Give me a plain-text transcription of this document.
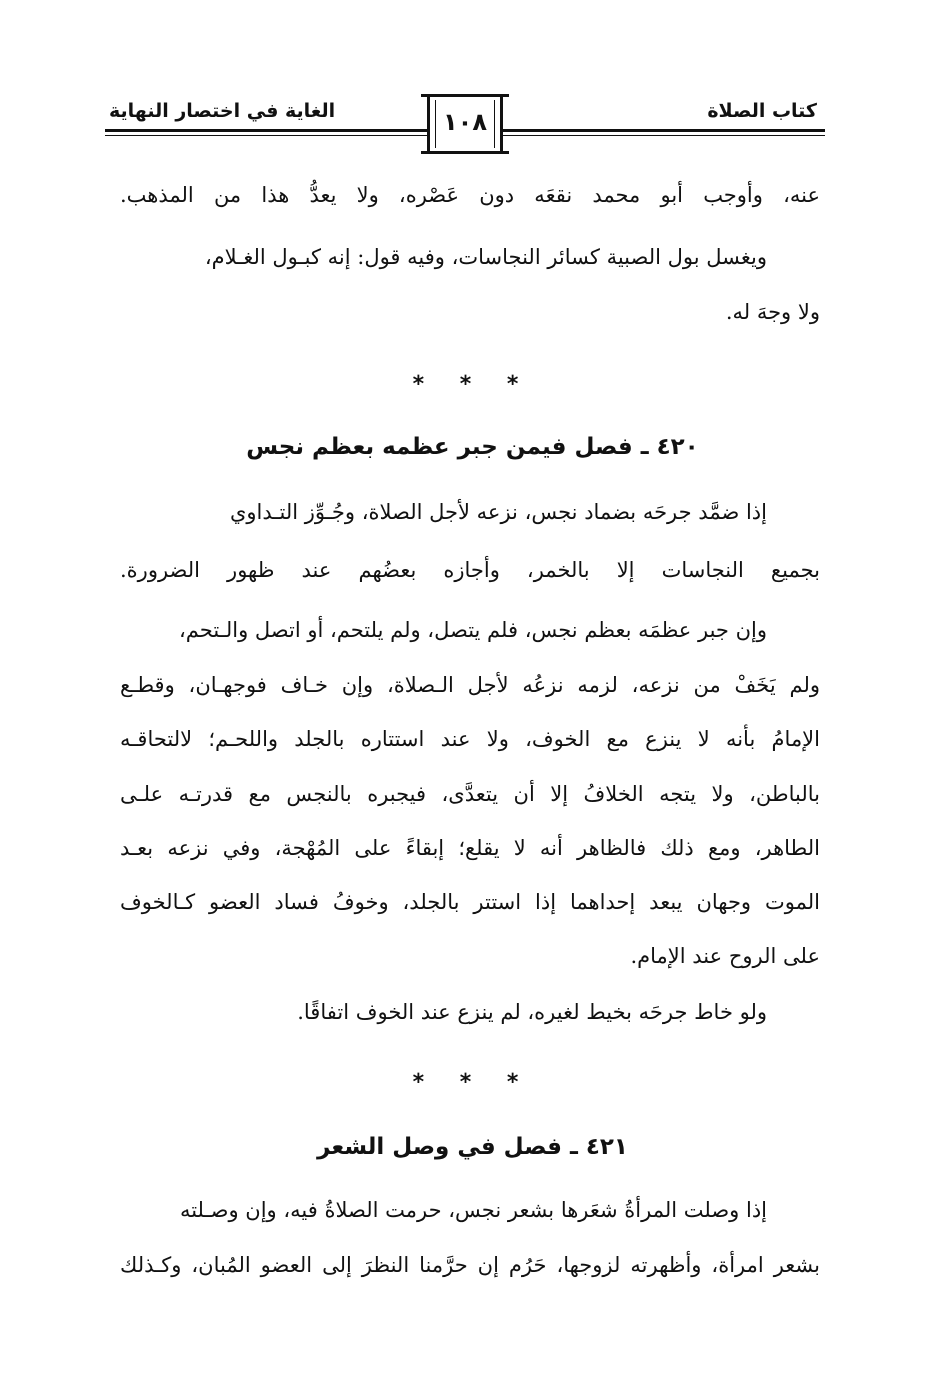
كتاب الصلاة
الغاية في اختصار النهاية	١٠٨
عنه، وأوجب أبو محمد نقعَه دون عَصْره، ولا يعدُّ هذا من المذهب.
ويغسل بول الصبية كسائر النجاسات، وفيه قول: إنه كبـول الغـلام،
ولا وجهَ له.
* * *
٤٢٠ ـ فصل فيمن جبر عظمه بعظم نجس
إذا ضمَّد جرحَه بضماد نجس، نزعه لأجل الصلاة، وجُـوِّز التـداوي
بجميع النجاسات إلا بالخمر، وأجازه بعضُهم عند ظهور الضرورة.
وإن جبر عظمَه بعظم نجس، فلم يتصل، ولم يلتحم، أو اتصل والـتحم،
ولم يَخَفْ من نزعه، لزمه نزعُه لأجل الـصلاة، وإن خـاف فوجهـان، وقطـع
الإمامُ بأنه لا ينزع مع الخوف، ولا عند استتاره بالجلد واللحـم؛ لالتحاقـه
بالباطن، ولا يتجه الخلافُ إلا أن يتعدَّى، فيجبره بالنجس مع قدرتـه علـى
الطاهر، ومع ذلك فالظاهر أنه لا يقلع؛ إبقاءً على المُهْجة، وفي نزعه بعـد
الموت وجهان يبعد إحداهما إذا استتر بالجلد، وخوفُ فساد العضو كـالخوف
على الروح عند الإمام.
ولو خاط جرحَه بخيط لغيره، لم ينزع عند الخوف اتفاقًا.
* * *
٤٢١ ـ فصل في وصل الشعر
إذا وصلت المرأةُ شعَرها بشعر نجس، حرمت الصلاةُ فيه، وإن وصـلته
بشعر امرأة، وأظهرته لزوجها، حَرُم إن حرَّمنا النظرَ إلى العضو المُبان، وكـذلك
